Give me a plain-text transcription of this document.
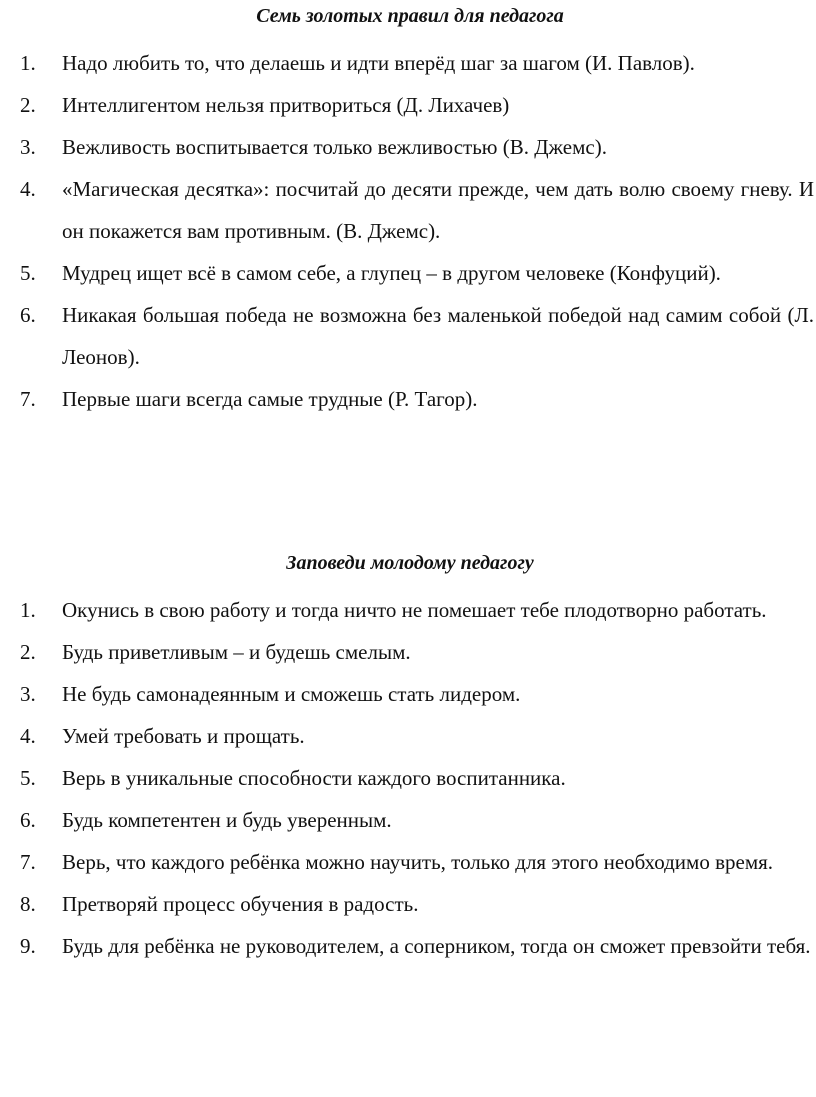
Семь золотых правил для педагога
1.	Надо любить то, что делаешь и идти вперёд шаг за шагом (И. Павлов).
2.	Интеллигентом нельзя притвориться (Д. Лихачев)
3.	Вежливость воспитывается только вежливостью (В. Джемс).
4.	«Магическая десятка»: посчитай до десяти прежде, чем дать волю своему гневу. И он покажется вам противным. (В. Джемс).
5.	Мудрец ищет всё в самом себе, а глупец – в другом человеке (Конфуций).
6.	Никакая большая победа не возможна без маленькой победой над самим собой (Л. Леонов).
7.	Первые шаги всегда самые трудные (Р. Тагор).
Заповеди молодому педагогу
1.	Окунись в свою работу и тогда ничто не помешает тебе плодотворно работать.
2.	Будь приветливым – и будешь смелым.
3.	Не будь самонадеянным и сможешь стать лидером.
4.	Умей требовать и прощать.
5.	Верь в уникальные способности каждого воспитанника.
6.	Будь компетентен и будь уверенным.
7.	Верь, что каждого ребёнка можно научить, только для этого необходимо время.
8.	Претворяй процесс обучения в радость.
9.	Будь для ребёнка не руководителем, а соперником, тогда он сможет превзойти тебя.
